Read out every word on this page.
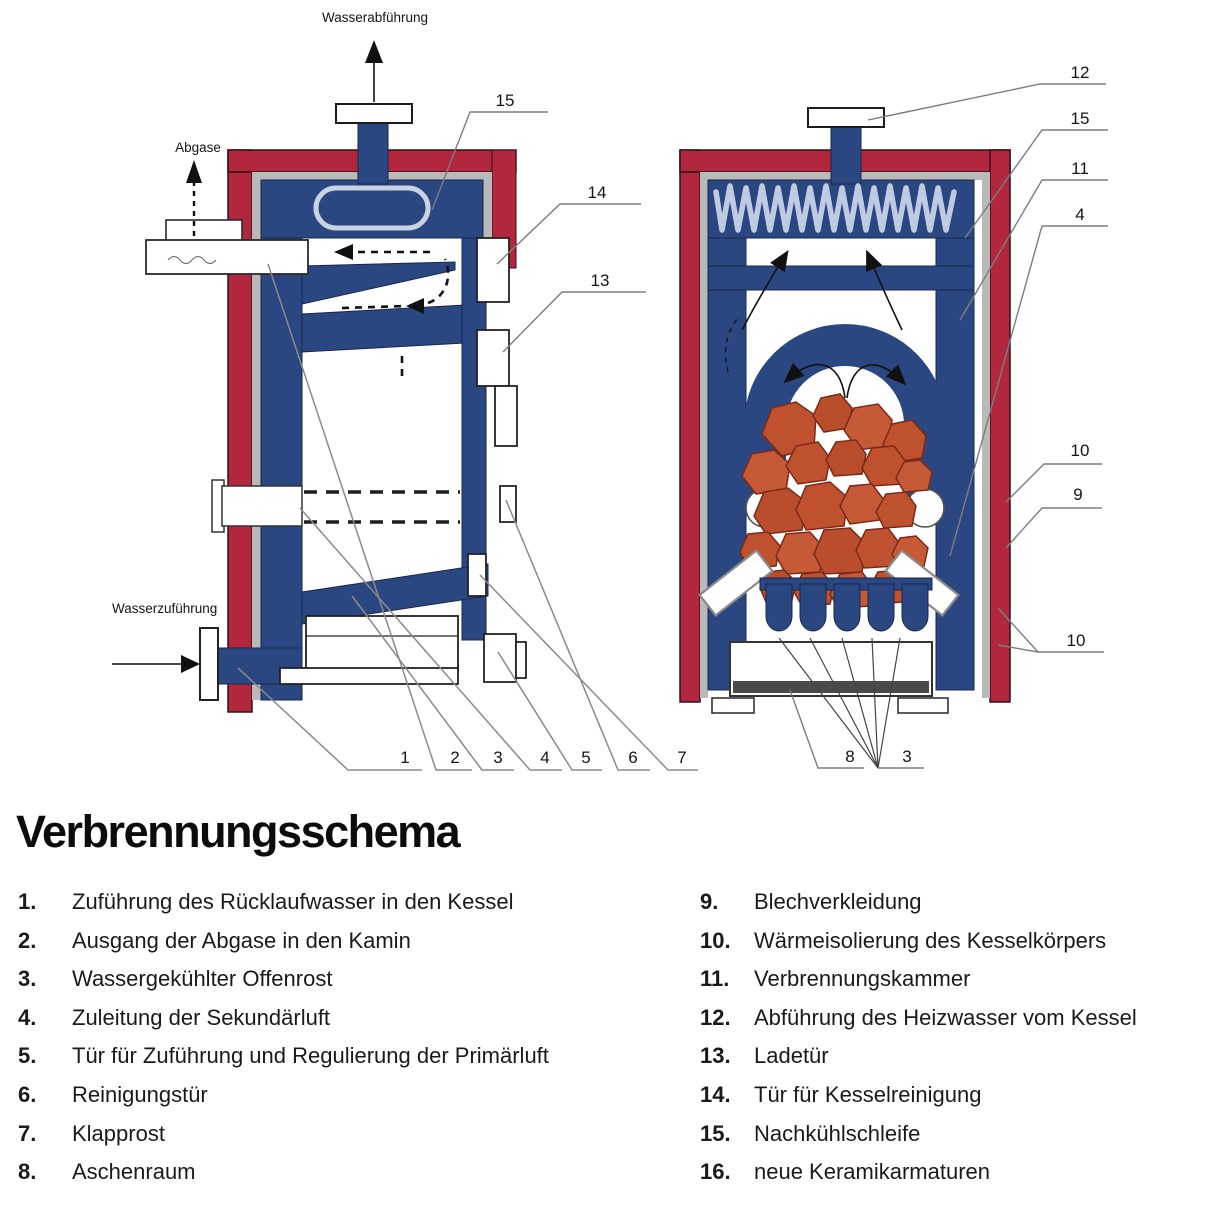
Wasserabführung
Abgase
Wasserzuführung
15
14
13
1 2 3 4 5 6 7
12
15
11
4
10
9
10
8	3
Verbrennungsschema
1.	Zuführung des Rücklaufwasser in den Kessel
2.	Ausgang der Abgase in den Kamin
3.	Wassergekühlter Offenrost
4.	Zuleitung der Sekundärluft
5.	Tür für Zuführung und Regulierung der Primärluft
6.	Reinigungstür
7.	Klapprost
8.	Aschenraum
9.	Blechverkleidung
10.	Wärmeisolierung des Kesselkörpers
11.	Verbrennungskammer
12.	Abführung des Heizwasser vom Kessel
13.	Ladetür
14.	Tür für Kesselreinigung
15.	Nachkühlschleife
16.	neue Keramikarmaturen
